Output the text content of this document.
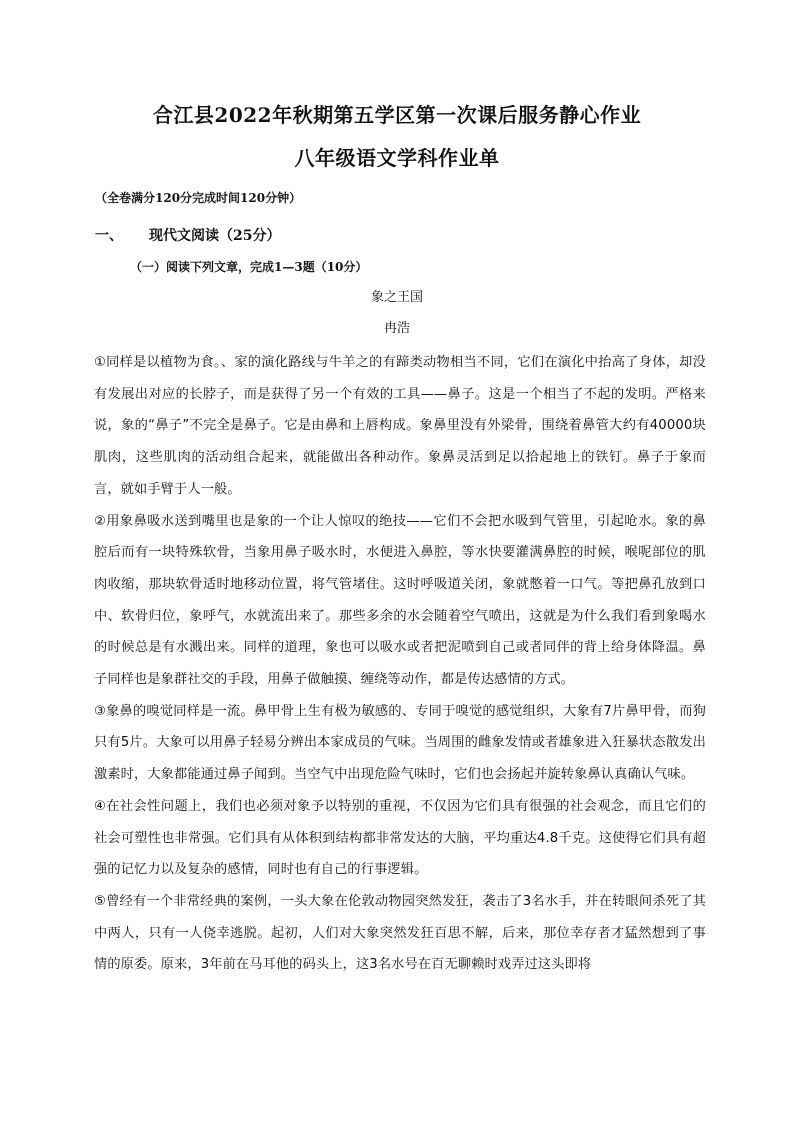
合江县2022年秋期第五学区第一次课后服务静心作业
八年级语文学科作业单
（全卷满分120分完成时间120分钟）
一、 现代文阅读（25分）
（一）阅读下列文章，完成1—3题（10分）
象之王国
冉浩

①同样是以植物为食。、家的演化路线与牛羊之的有蹄类动物相当不同，它们在演化中抬高了身体，却没有发展出对应的长脖子，而是获得了另一个有效的工具——鼻子。这是一个相当了不起的发明。严格来说，象的“鼻子”不完全是鼻子。它是由鼻和上唇构成。象鼻里没有外梁骨，围绕着鼻管大约有40000块肌肉，这些肌肉的活动组合起来，就能做出各种动作。象鼻灵活到足以拾起地上的铁钉。鼻子于象而言，就如手臂于人一般。

②用象鼻吸水送到嘴里也是象的一个让人惊叹的绝技——它们不会把水吸到气管里，引起呛水。象的鼻腔后而有一块特殊软骨，当象用鼻子吸水时，水便进入鼻腔，等水快要灌满鼻腔的时候，喉呢部位的肌肉收缩，那块软骨适时地移动位置，将气管堵住。这时呼吸道关闭，象就憋着一口气。等把鼻孔放到口中、软骨归位，象呼气，水就流出来了。那些多余的水会随着空气喷出，这就是为什么我们看到象喝水的时候总是有水溅出来。同样的道理，象也可以吸水或者把泥喷到自己或者同伴的背上给身体降温。鼻子同样也是象群社交的手段，用鼻子做触摸、缠绕等动作，都是传达感情的方式。

③象鼻的嗅觉同样是一流。鼻甲骨上生有极为敏感的、专同于嗅觉的感觉组织，大象有7片鼻甲骨，而狗只有5片。大象可以用鼻子轻易分辨出本家成员的气味。当周围的雌象发情或者雄象进入狂暴状态散发出激素时，大象都能通过鼻子闻到。当空气中出现危险气味时，它们也会扬起并旋转象鼻认真确认气味。

④在社会性问题上，我们也必须对象予以特别的重视，不仅因为它们具有很强的社会观念，而且它们的社会可塑性也非常强。它们具有从体积到结构都非常发达的大脑，平均重达4.8千克。这使得它们具有超强的记忆力以及复杂的感情，同时也有自己的行事逻辑。

⑤曾经有一个非常经典的案例，一头大象在伦敦动物园突然发狂，袭击了3名水手，并在转眼间杀死了其中两人，只有一人侥幸逃脱。起初，人们对大象突然发狂百思不解，后来，那位幸存者才猛然想到了事情的原委。原来，3年前在马耳他的码头上，这3名水号在百无聊赖时戏弄过这头即将
